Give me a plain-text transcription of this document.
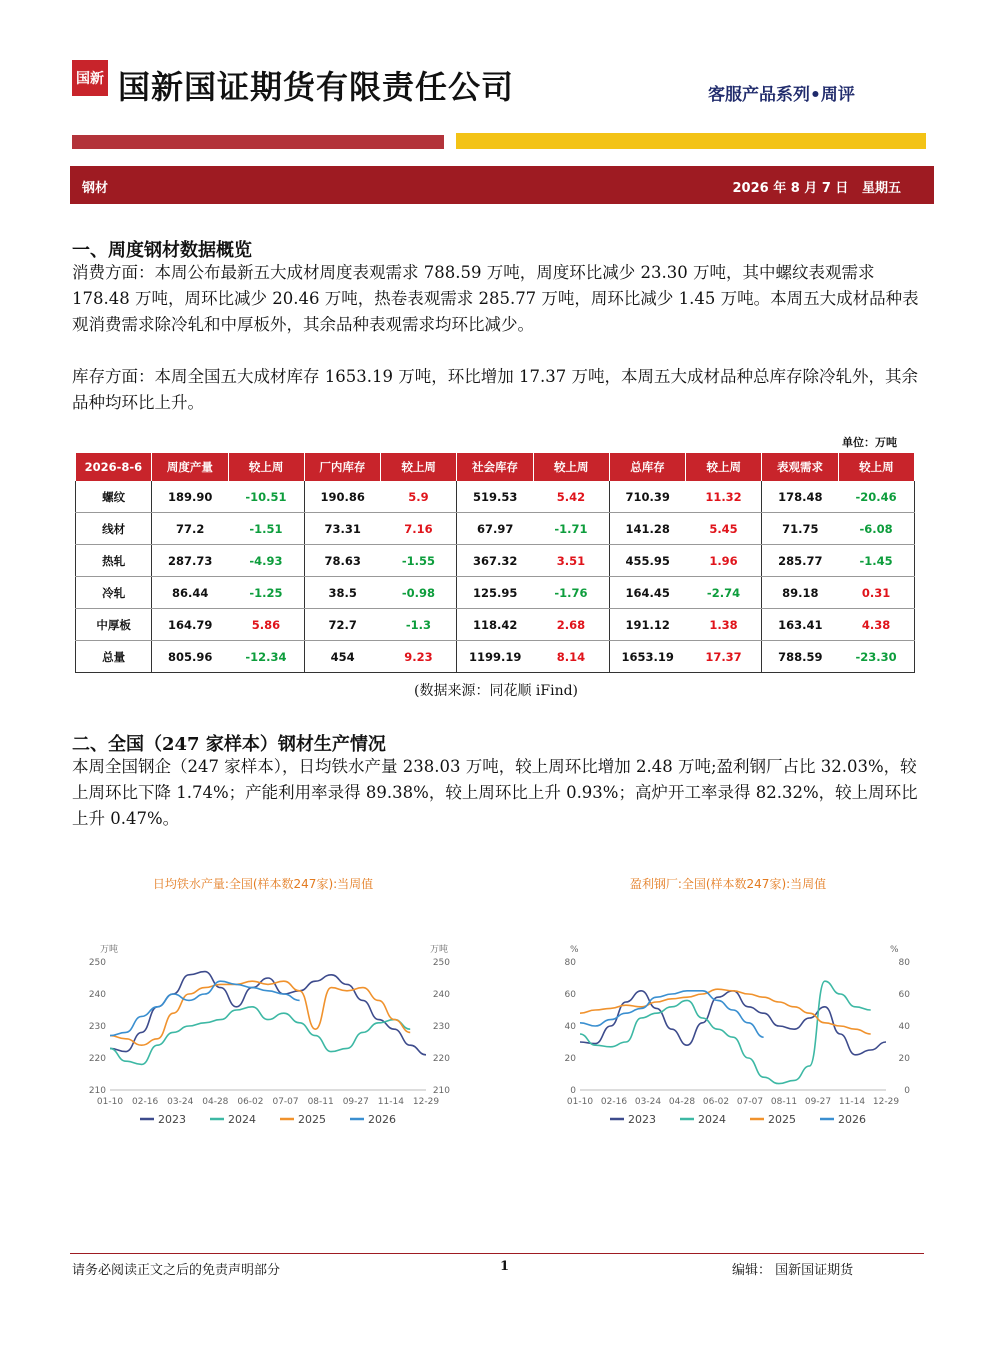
国新 国新国证期货有限责任公司	客服产品系列•周评
钢材	2026 年 8 月 7 日 星期五
一、周度钢材数据概览
消费方面：本周公布最新五大成材周度表观需求 788.59 万吨，周度环比减少 23.30 万吨，其中螺纹表观需求 178.48 万吨，周环比减少 20.46 万吨，热卷表观需求 285.77 万吨，周环比减少 1.45 万吨。本周五大成材品种表观消费需求除冷轧和中厚板外，其余品种表观需求均环比减少。
库存方面：本周全国五大成材库存 1653.19 万吨，环比增加 17.37 万吨，本周五大成材品种总库存除冷轧外，其余品种均环比上升。
单位：万吨
2026-8-6	周度产量	较上周	厂内库存	较上周	社会库存	较上周	总库存	较上周	表观需求	较上周
螺纹	189.90	-10.51	190.86	5.9	519.53	5.42	710.39	11.32	178.48	-20.46
线材	77.2	-1.51	73.31	7.16	67.97	-1.71	141.28	5.45	71.75	-6.08
热轧	287.73	-4.93	78.63	-1.55	367.32	3.51	455.95	1.96	285.77	-1.45
冷轧	86.44	-1.25	38.5	-0.98	125.95	-1.76	164.45	-2.74	89.18	0.31
中厚板	164.79	5.86	72.7	-1.3	118.42	2.68	191.12	1.38	163.41	4.38
总量	805.96	-12.34	454	9.23	1199.19	8.14	1653.19	17.37	788.59	-23.30
(数据来源：同花顺 iFind)
二、全国（247 家样本）钢材生产情况
本周全国钢企（247 家样本），日均铁水产量 238.03 万吨，较上周环比增加 2.48 万吨;盈利钢厂占比 32.03%，较上周环比下降 1.74%；产能利用率录得 89.38%，较上周环比上升 0.93%；高炉开工率录得 82.32%，较上周环比上升 0.47%。
日均铁水产量:全国(样本数247家):当周值
万吨	万吨
210	210
220	220
230	230
240	240
250	250
01-10 02-16 03-24 04-28 06-02 07-07 08-11 09-27 11-14 12-29
2023	2024	2025	2026
盈利钢厂:全国(样本数247家):当周值
%	%
0	0
20	20
40	40
60	60
80	80
01-10 02-16 03-24 04-28 06-02 07-07 08-11 09-27 11-14 12-29
2023	2024	2025	2026
请务必阅读正文之后的免责声明部分	1	编辑： 国新国证期货
